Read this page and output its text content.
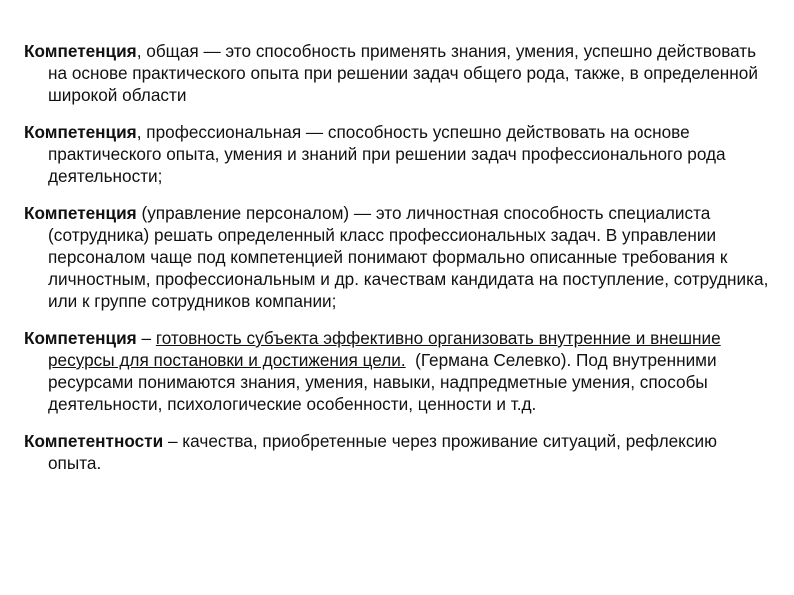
Компетенция, общая — это способность применять знания, умения, успешно действовать на основе практического опыта при решении задач общего рода, также, в определенной широкой области

Компетенция, профессиональная — способность успешно действовать на основе практического опыта, умения и знаний при решении задач профессионального рода деятельности;

Компетенция (управление персоналом) — это личностная способность специалиста (сотрудника) решать определенный класс профессиональных задач. В управлении персоналом чаще под компетенцией понимают формально описанные требования к личностным, профессиональным и др. качествам кандидата на поступление, сотрудника, или к группе сотрудников компании;

Компетенция – готовность субъекта эффективно организовать внутренние и внешние ресурсы для постановки и достижения цели.  (Германа Селевко). Под внутренними ресурсами понимаются знания, умения, навыки, надпредметные умения, способы деятельности, психологические особенности, ценности и т.д.

Компетентности – качества, приобретенные через проживание ситуаций, рефлексию опыта.
